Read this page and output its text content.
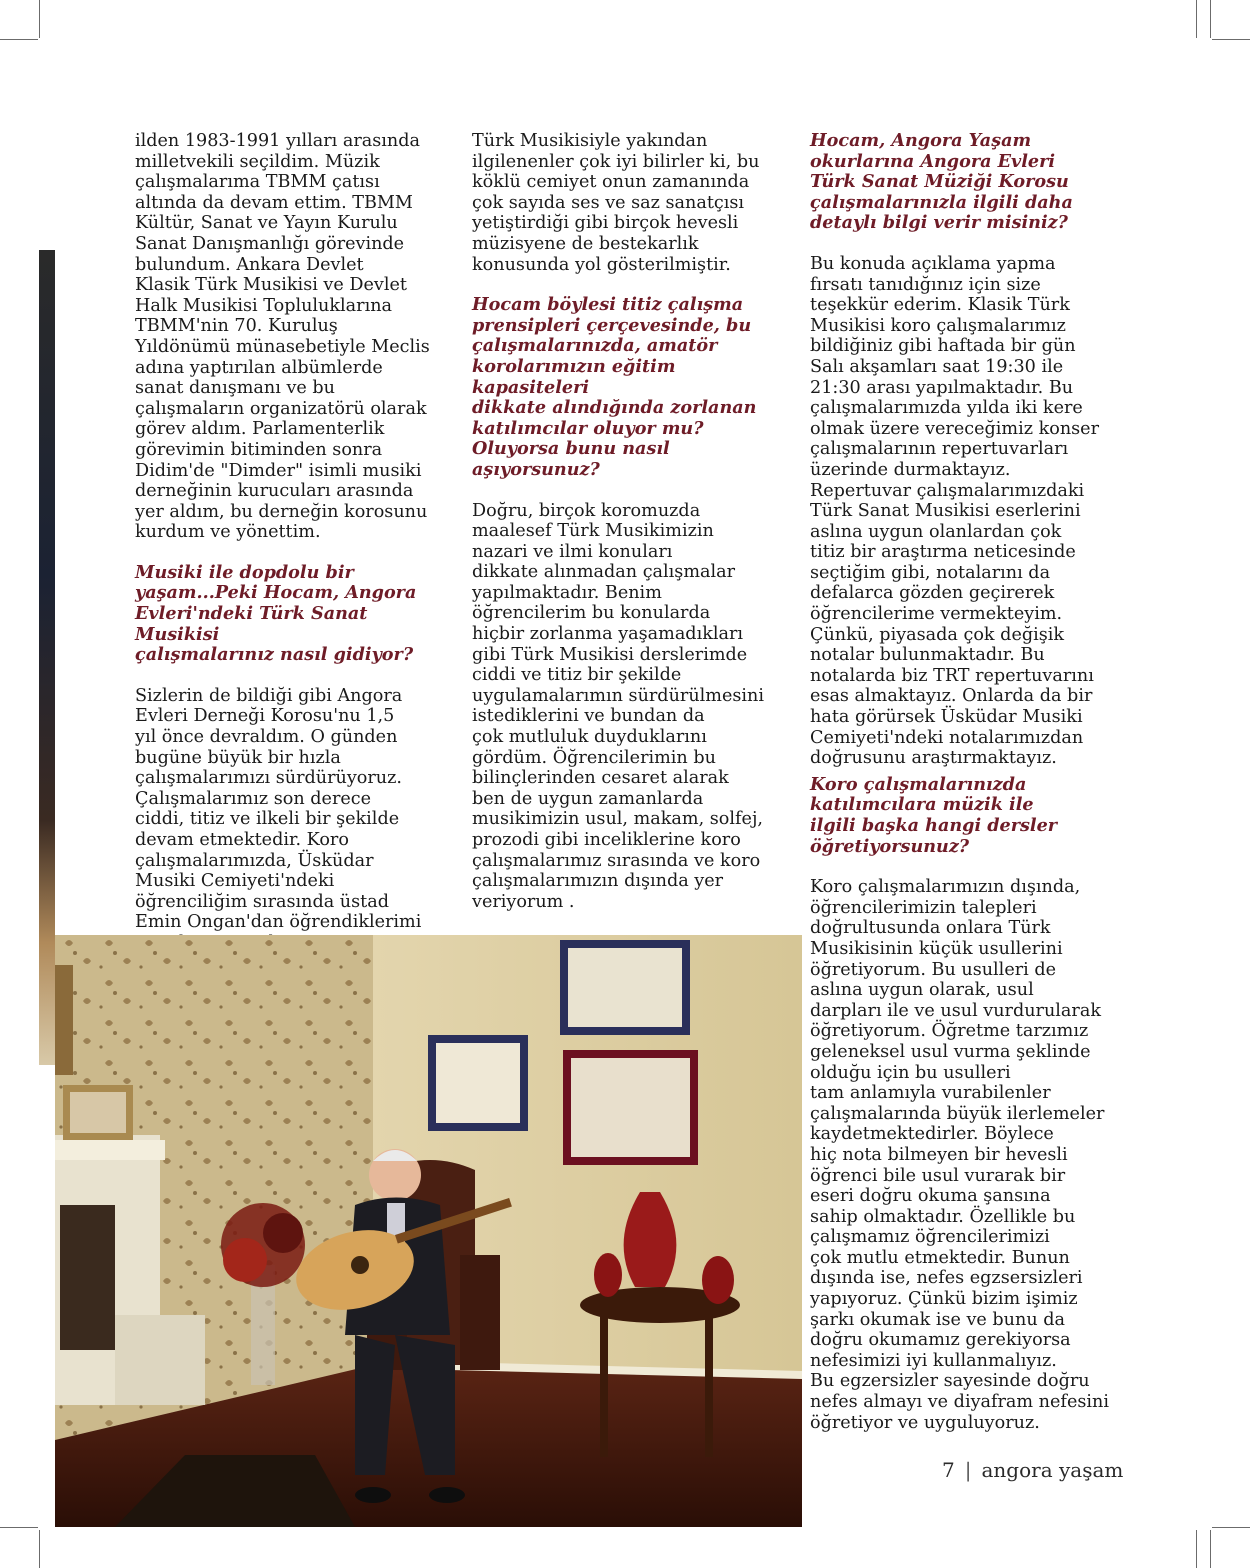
ilden 1983-1991 yılları arasında
milletvekili seçildim. Müzik
çalışmalarıma TBMM çatısı
altında da devam ettim. TBMM
Kültür, Sanat ve Yayın Kurulu
Sanat Danışmanlığı görevinde
bulundum. Ankara Devlet
Klasik Türk Musikisi ve Devlet
Halk Musikisi Topluluklarına
TBMM'nin 70. Kuruluş
Yıldönümü münasebetiyle Meclis
adına yaptırılan albümlerde
sanat danışmanı ve bu
çalışmaların organizatörü olarak
görev aldım. Parlamenterlik
görevimin bitiminden sonra
Didim'de "Dimder" isimli musiki
derneğinin kurucuları arasında
yer aldım, bu derneğin korosunu
kurdum ve yönettim.

Musiki ile dopdolu bir
yaşam...Peki Hocam, Angora
Evleri'ndeki Türk Sanat Musikisi
çalışmalarınız nasıl gidiyor?

Sizlerin de bildiği gibi Angora
Evleri Derneği Korosu'nu 1,5
yıl önce devraldım. O günden
bugüne büyük bir hızla
çalışmalarımızı sürdürüyoruz.
Çalışmalarımız son derece
ciddi, titiz ve ilkeli bir şekilde
devam etmektedir. Koro
çalışmalarımızda, Üsküdar
Musiki Cemiyeti'ndeki
öğrenciliğim sırasında üstad
Emin Ongan'dan öğrendiklerimi

Türk Musikisiyle yakından
ilgilenenler çok iyi bilirler ki, bu
köklü cemiyet onun zamanında
çok sayıda ses ve saz sanatçısı
yetiştirdiği gibi birçok hevesli
müzisyene de bestekarlık
konusunda yol gösterilmiştir.

Hocam böylesi titiz çalışma
prensipleri çerçevesinde, bu
çalışmalarınızda, amatör
korolarımızın eğitim kapasiteleri
dikkate alındığında zorlanan
katılımcılar oluyor mu?
Oluyorsa bunu nasıl
aşıyorsunuz?

Doğru, birçok koromuzda
maalesef Türk Musikimizin
nazari ve ilmi konuları
dikkate alınmadan çalışmalar
yapılmaktadır. Benim
öğrencilerim bu konularda
hiçbir zorlanma yaşamadıkları
gibi Türk Musikisi derslerimde
ciddi ve titiz bir şekilde
uygulamalarımın sürdürülmesini
istediklerini ve bundan da
çok mutluluk duyduklarını
gördüm. Öğrencilerimin bu
bilinçlerinden cesaret alarak
ben de uygun zamanlarda
musikimizin usul, makam, solfej,
prozodi gibi inceliklerine koro
çalışmalarımız sırasında ve koro
çalışmalarımızın dışında yer
veriyorum .

Hocam, Angora Yaşam
okurlarına Angora Evleri
Türk Sanat Müziği Korosu
çalışmalarınızla ilgili daha
detaylı bilgi verir misiniz?

Bu konuda açıklama yapma
fırsatı tanıdığınız için size
teşekkür ederim. Klasik Türk
Musikisi koro çalışmalarımız
bildiğiniz gibi haftada bir gün
Salı akşamları saat 19:30 ile
21:30 arası yapılmaktadır. Bu
çalışmalarımızda yılda iki kere
olmak üzere vereceğimiz konser
çalışmalarının repertuvarları
üzerinde durmaktayız.
Repertuvar çalışmalarımızdaki
Türk Sanat Musikisi eserlerini
aslına uygun olanlardan çok
titiz bir araştırma neticesinde
seçtiğim gibi, notalarını da
defalarca gözden geçirerek
öğrencilerime vermekteyim.
Çünkü, piyasada çok değişik
notalar bulunmaktadır. Bu
notalarda biz TRT repertuvarını
esas almaktayız. Onlarda da bir
hata görürsek Üsküdar Musiki
Cemiyeti'ndeki notalarımızdan
doğrusunu araştırmaktayız.

Koro çalışmalarınızda
katılımcılara müzik ile
ilgili başka hangi dersler
öğretiyorsunuz?

Koro çalışmalarımızın dışında,
öğrencilerimizin talepleri
doğrultusunda onlara Türk
Musikisinin küçük usullerini
öğretiyorum. Bu usulleri de
aslına uygun olarak, usul
darpları ile ve usul vurdurularak
öğretiyorum. Öğretme tarzımız
geleneksel usul vurma şeklinde
olduğu için bu usulleri
tam anlamıyla vurabilenler
çalışmalarında büyük ilerlemeler
kaydetmektedirler. Böylece
hiç nota bilmeyen bir hevesli
öğrenci bile usul vurarak bir
eseri doğru okuma şansına
sahip olmaktadır. Özellikle bu
çalışmamız öğrencilerimizi
çok mutlu etmektedir. Bunun
dışında ise, nefes egzsersizleri
yapıyoruz. Çünkü bizim işimiz
şarkı okumak ise ve bunu da
doğru okumamız gerekiyorsa
nefesimizi iyi kullanmalıyız.
Bu egzersizler sayesinde doğru
nefes almayı ve diyafram nefesini
öğretiyor ve uyguluyoruz.

7 | angora yaşam
